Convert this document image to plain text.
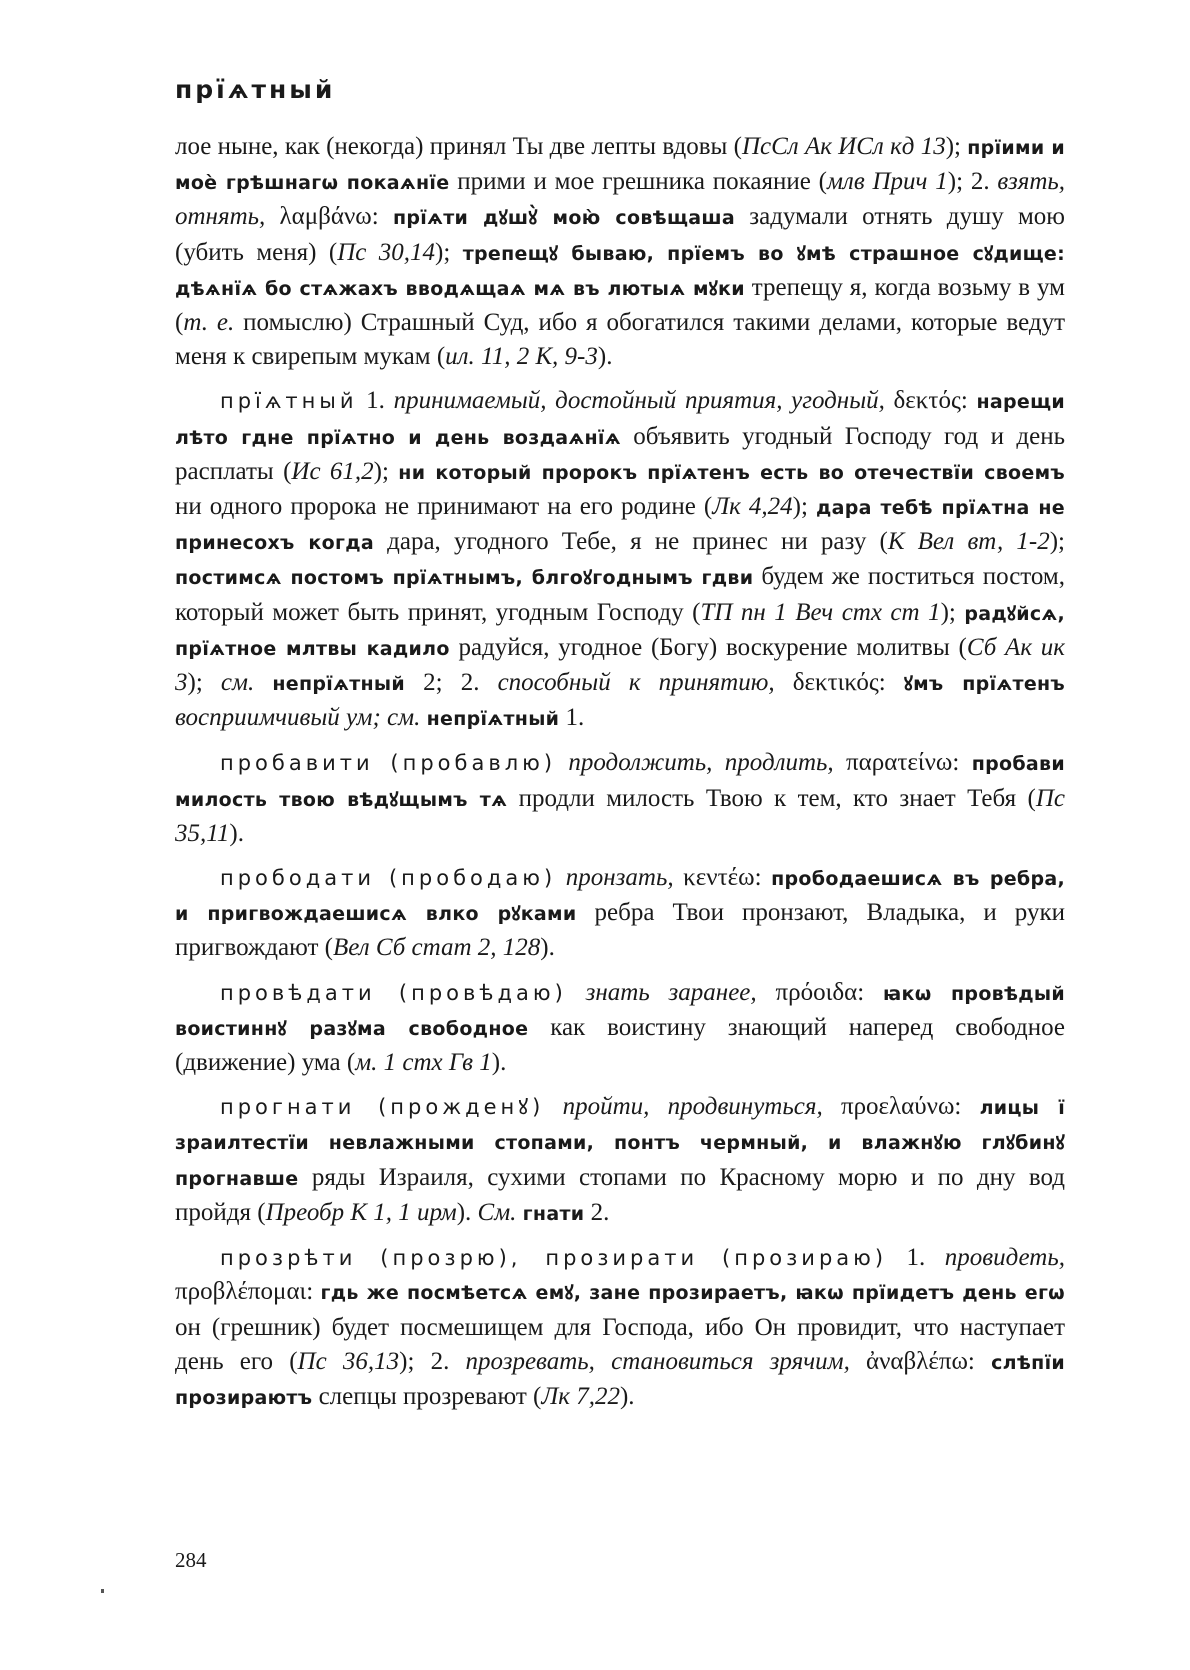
прїѧтный

лое ныне, как (некогда) принял Ты две лепты вдовы (ПсСл Ак ИСл кд 13); прїими и моѐ грѣшнагѡ покаѧнїе прими и мое грешника покаяние (млв Прич 1); 2. взять, отнять, λαμβάνω: прїѧти дꙋшꙋ̀ мою̀ совѣщаша задумали отнять душу мою (убить меня) (Пс 30,14); трепещꙋ бываю, прїемъ во ꙋмѣ страшное сꙋдище: дѣѧнїѧ бо стѧжахъ вводѧщаѧ мѧ въ лютыѧ мꙋки трепещу я, когда возьму в ум (т. е. помыслю) Страшный Суд, ибо я обогатился такими делами, которые ведут меня к свирепым мукам (ил. 11, 2 К, 9-3).

прїѧтный 1. принимаемый, достойный приятия, угодный, δεκτός: нарещи лѣто гдне прїѧтно и день воздаѧнїѧ объявить угодный Господу год и день расплаты (Ис 61,2); ни который пророкъ прїѧтенъ есть во отечествїи своемъ ни одного пророка не принимают на его родине (Лк 4,24); дара тебѣ прїѧтна не принесохъ когда дара, угодного Тебе, я не принес ни разу (К Вел вт, 1-2); постимсѧ постомъ прїѧтнымъ, блгоꙋгоднымъ гдви будем же поститься постом, который может быть принят, угодным Господу (ТП пн 1 Веч стх ст 1); радꙋйсѧ, прїѧтное млтвы кадило радуйся, угодное (Богу) воскурение молитвы (Сб Ак ик 3); см. непрїѧтный 2; 2. способный к принятию, δεκτικός: ꙋмъ прїѧтенъ восприимчивый ум; см. непрїѧтный 1.

пробавити (пробавлю) продолжить, продлить, παρατείνω: пробави милость твою вѣдꙋщымъ тѧ продли милость Твою к тем, кто знает Тебя (Пс 35,11).

прободати (прободаю) пронзать, κεντέω: прободаешисѧ въ ребра, и пригвождаешисѧ влко рꙋками ребра Твои пронзают, Владыка, и руки пригвождают (Вел Сб стат 2, 128).

провѣдати (провѣдаю) знать заранее, πρόοιδα: ꙗкѡ провѣдый воистиннꙋ разꙋма свободное как воистину знающий наперед свободное (движение) ума (м. 1 стх Гв 1).

прогнати (прожденꙋ) пройти, продвинуться, προελαύνω: лицы ї зраилтестїи невлажными стопами, понтъ чермный, и влажнꙋю глꙋбинꙋ прогнавше ряды Израиля, сухими стопами по Красному морю и по дну вод пройдя (Преобр К 1, 1 ирм). См. гнати 2.

прозрѣти (прозрю), прозирати (прозираю) 1. провидеть, προβλέπομαι: гдь же посмѣетсѧ емꙋ, зане прозираетъ, ꙗкѡ прїидетъ день егѡ он (грешник) будет посмешищем для Господа, ибо Он провидит, что наступает день его (Пс 36,13); 2. прозревать, становиться зрячим, ἀναβλέπω: слѣпїи прозираютъ слепцы прозревают (Лк 7,22).

284
